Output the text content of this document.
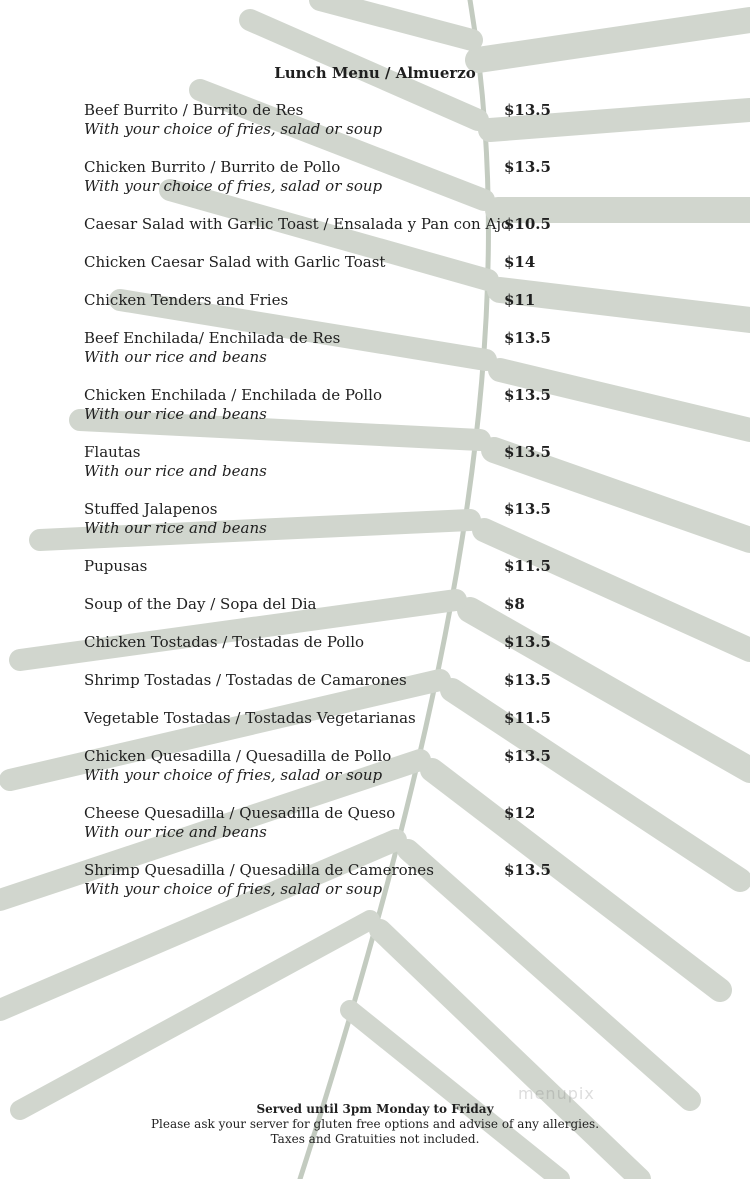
Lunch Menu / Almuerzo
Beef Burrito / Burrito de Res
With your choice of fries, salad or soup
$13.5
Chicken Burrito / Burrito de Pollo
With your choice of fries, salad or soup
$13.5
Caesar Salad with Garlic Toast / Ensalada y Pan con Ajo
$10.5
Chicken Caesar Salad with Garlic Toast	$14
Chicken Tenders and Fries	$11
Beef Enchilada/ Enchilada de Res
With our rice and beans
$13.5
Chicken Enchilada / Enchilada de Pollo
With our rice and beans
$13.5
Flautas
With our rice and beans
$13.5
Stuffed Jalapenos
With our rice and beans
$13.5
Pupusas	$11.5
Soup of the Day / Sopa del Dia	$8
Chicken Tostadas / Tostadas de Pollo	$13.5
Shrimp Tostadas / Tostadas de Camarones	$13.5
Vegetable Tostadas / Tostadas Vegetarianas	$11.5
Chicken Quesadilla / Quesadilla de Pollo
With your choice of fries, salad or soup
$13.5
Cheese Quesadilla / Quesadilla de Queso
With our rice and beans
$12
Shrimp Quesadilla / Quesadilla de Camerones
With your choice of fries, salad or soup
$13.5
Served until 3pm Monday to Friday
Please ask your server for gluten free options and advise of any allergies.
Taxes and Gratuities not included.
menupix
